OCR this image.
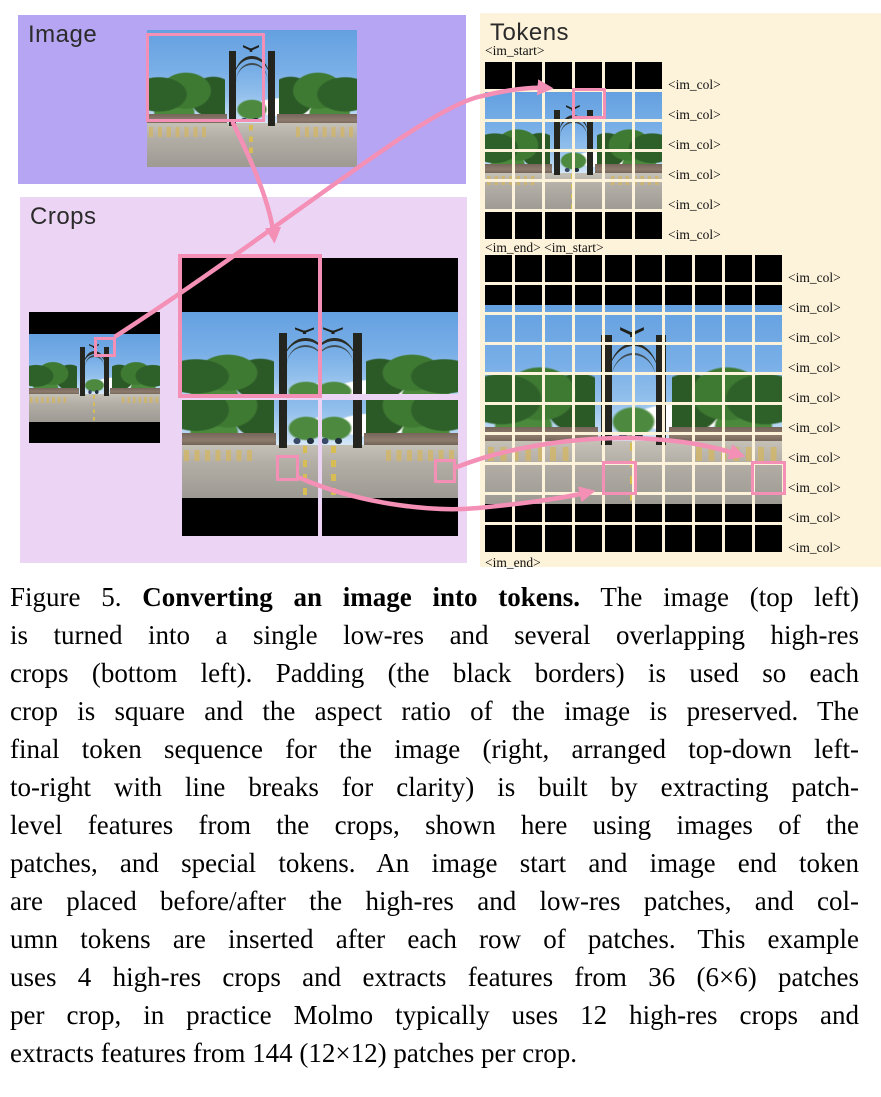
Image
Crops
Tokens
<im_start>
<im_end> <im_start>
<im_end>
<im_col>
<im_col>
<im_col>
<im_col>
<im_col>
<im_col>
<im_col>
<im_col>
<im_col>
<im_col>
<im_col>
<im_col>
<im_col>
<im_col>
<im_col>
<im_col>
Figure 5. Converting an image into tokens. The image (top left)
is turned into a single low-res and several overlapping high-res
crops (bottom left). Padding (the black borders) is used so each
crop is square and the aspect ratio of the image is preserved. The
final token sequence for the image (right, arranged top-down left-
to-right with line breaks for clarity) is built by extracting patch-
level features from the crops, shown here using images of the
patches, and special tokens. An image start and image end token
are placed before/after the high-res and low-res patches, and col-
umn tokens are inserted after each row of patches. This example
uses 4 high-res crops and extracts features from 36 (6×6) patches
per crop, in practice Molmo typically uses 12 high-res crops and
extracts features from 144 (12×12) patches per crop.
